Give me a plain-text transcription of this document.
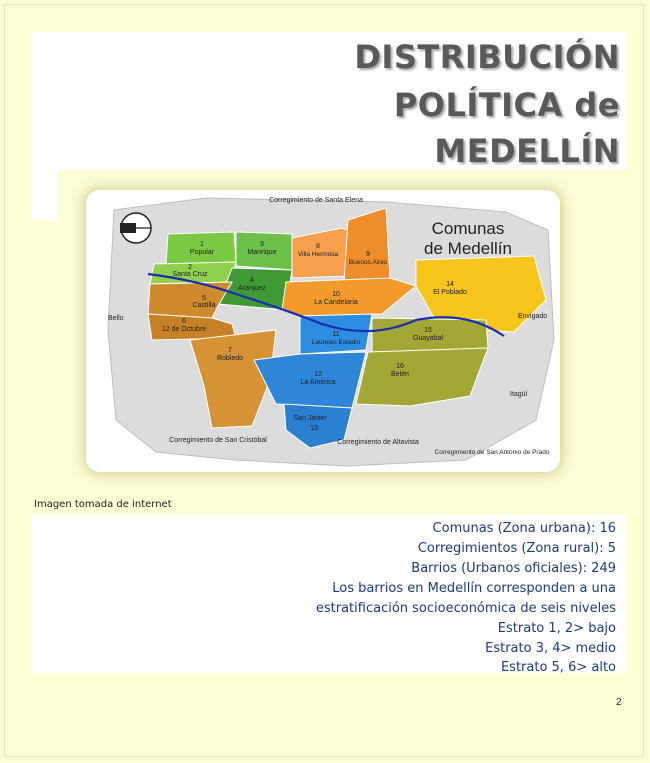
DISTRIBUCIÓN
POLÍTICA de
MEDELLÍN
1
Popular
2
Santa Cruz
3
Manrique
4
Aranjuez
5
Castilla
6
12 de Octubre
7
Robledo
8
Villa Hermosa	9
Buenos Aires
10
La Candelaria
11
Laureles Estadio
12
La América
San Javier
13
14
El Poblado
15
Guayabal
16
Belén
Comunas
de Medellín
Corregimiento de Santa Elena
Corregimiento de San Cristóbal	Corregimiento de Altavista
Corregimiento de San Antonio de Prado
Bello	Envigado
Itagüí

Imagen tomada de internet

Comunas (Zona urbana): 16

Corregimientos (Zona rural): 5

Barrios (Urbanos oficiales): 249

Los barrios en Medellín corresponden a una

estratificación socioeconómica de seis niveles

Estrato 1, 2> bajo

Estrato 3, 4> medio

Estrato 5, 6> alto

2
